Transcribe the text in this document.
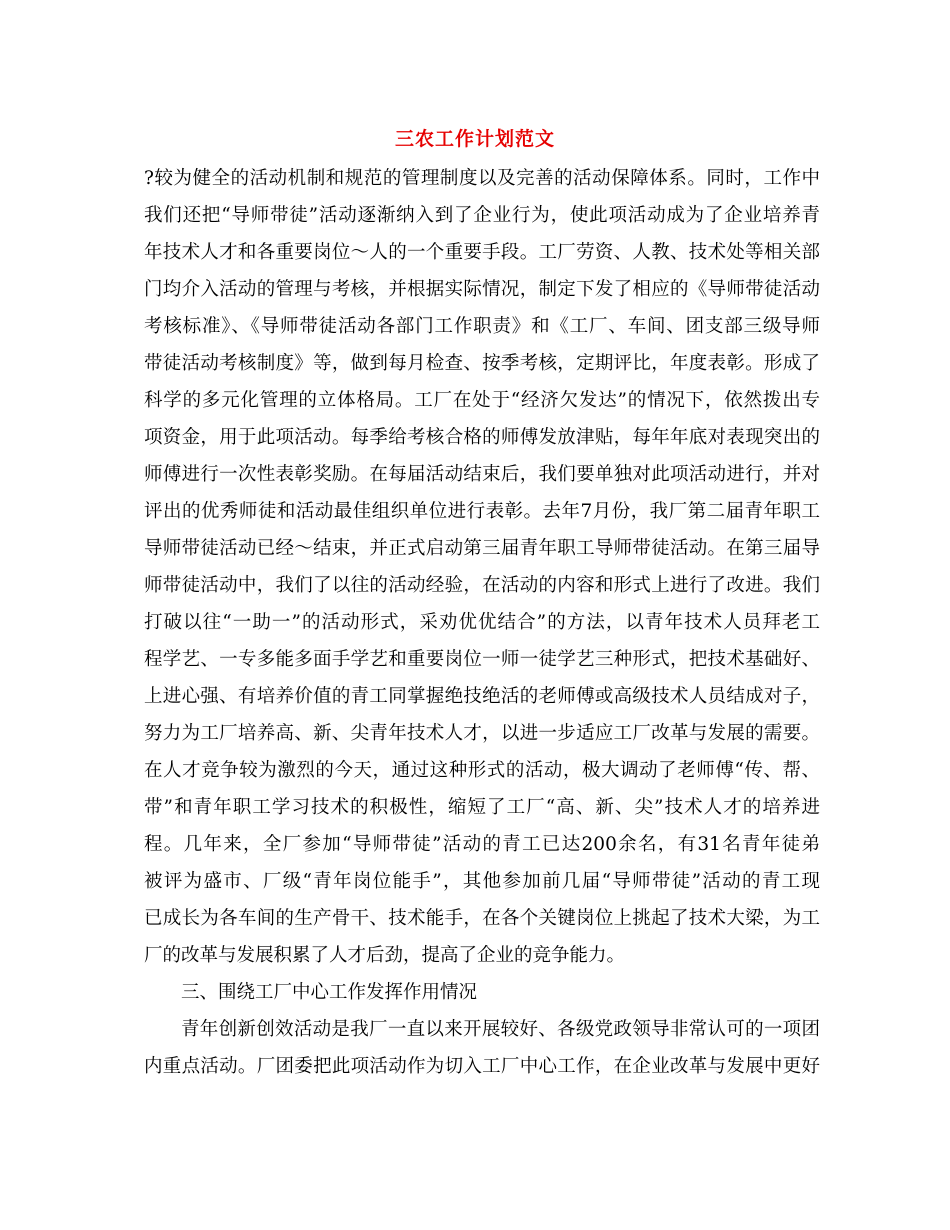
三农工作计划范文
?较为健全的活动机制和规范的管理制度以及完善的活动保障体系。同时，工作中
我们还把“导师带徒”活动逐渐纳入到了企业行为，使此项活动成为了企业培养青
年技术人才和各重要岗位～人的一个重要手段。工厂劳资、人教、技术处等相关部
门均介入活动的管理与考核，并根据实际情况，制定下发了相应的《导师带徒活动
考核标准》、《导师带徒活动各部门工作职责》和《工厂、车间、团支部三级导师
带徒活动考核制度》等，做到每月检查、按季考核，定期评比，年度表彰。形成了
科学的多元化管理的立体格局。工厂在处于“经济欠发达”的情况下，依然拨出专
项资金，用于此项活动。每季给考核合格的师傅发放津贴，每年年底对表现突出的
师傅进行一次性表彰奖励。在每届活动结束后，我们要单独对此项活动进行，并对
评出的优秀师徒和活动最佳组织单位进行表彰。去年7月份，我厂第二届青年职工
导师带徒活动已经～结束，并正式启动第三届青年职工导师带徒活动。在第三届导
师带徒活动中，我们了以往的活动经验，在活动的内容和形式上进行了改进。我们
打破以往“一助一”的活动形式，采劝优优结合”的方法，以青年技术人员拜老工
程学艺、一专多能多面手学艺和重要岗位一师一徒学艺三种形式，把技术基础好、
上进心强、有培养价值的青工同掌握绝技绝活的老师傅或高级技术人员结成对子，
努力为工厂培养高、新、尖青年技术人才，以进一步适应工厂改革与发展的需要。
在人才竞争较为激烈的今天，通过这种形式的活动，极大调动了老师傅“传、帮、
带”和青年职工学习技术的积极性，缩短了工厂“高、新、尖”技术人才的培养进
程。几年来，全厂参加“导师带徒”活动的青工已达200余名，有31名青年徒弟
被评为盛市、厂级“青年岗位能手”，其他参加前几届“导师带徒”活动的青工现
已成长为各车间的生产骨干、技术能手，在各个关键岗位上挑起了技术大梁，为工
厂的改革与发展积累了人才后劲，提高了企业的竞争能力。
三、围绕工厂中心工作发挥作用情况
青年创新创效活动是我厂一直以来开展较好、各级党政领导非常认可的一项团
内重点活动。厂团委把此项活动作为切入工厂中心工作，在企业改革与发展中更好
